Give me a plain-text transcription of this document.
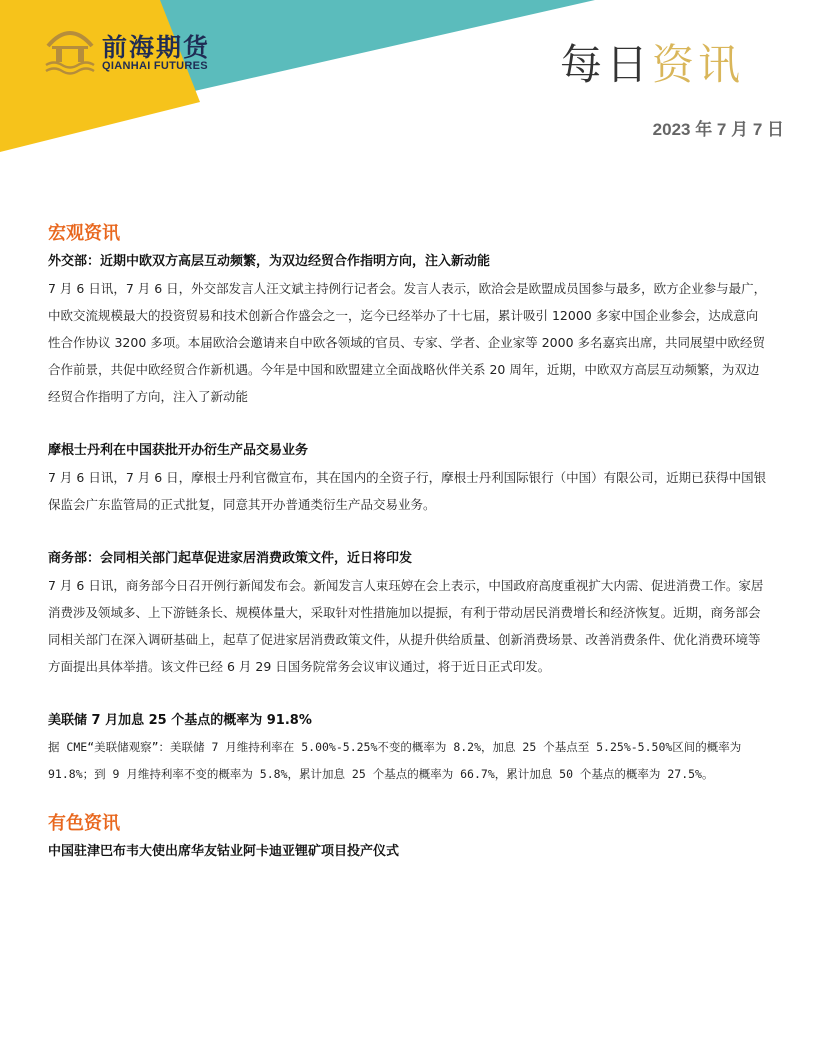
前海期货
QIANHAI FUTURES	每日资讯
2023 年 7 月 7 日
宏观资讯

外交部：近期中欧双方高层互动频繁，为双边经贸合作指明方向，注入新动能

7 月 6 日讯，7 月 6 日，外交部发言人汪文斌主持例行记者会。发言人表示，欧洽会是欧盟成员国参与最多，欧方企业参与最广，中欧交流规模最大的投资贸易和技术创新合作盛会之一，迄今已经举办了十七届，累计吸引 12000 多家中国企业参会，达成意向性合作协议 3200 多项。本届欧洽会邀请来自中欧各领域的官员、专家、学者、企业家等 2000 多名嘉宾出席，共同展望中欧经贸合作前景，共促中欧经贸合作新机遇。今年是中国和欧盟建立全面战略伙伴关系 20 周年，近期，中欧双方高层互动频繁，为双边经贸合作指明了方向，注入了新动能

摩根士丹利在中国获批开办衍生产品交易业务

7 月 6 日讯，7 月 6 日，摩根士丹利官微宣布，其在国内的全资子行，摩根士丹利国际银行（中国）有限公司，近期已获得中国银保监会广东监管局的正式批复，同意其开办普通类衍生产品交易业务。

商务部：会同相关部门起草促进家居消费政策文件，近日将印发

7 月 6 日讯，商务部今日召开例行新闻发布会。新闻发言人束珏婷在会上表示，中国政府高度重视扩大内需、促进消费工作。家居消费涉及领域多、上下游链条长、规模体量大，采取针对性措施加以提振，有利于带动居民消费增长和经济恢复。近期，商务部会同相关部门在深入调研基础上，起草了促进家居消费政策文件，从提升供给质量、创新消费场景、改善消费条件、优化消费环境等方面提出具体举措。该文件已经 6 月 29 日国务院常务会议审议通过，将于近日正式印发。

美联储 7 月加息 25 个基点的概率为 91.8%

据 CME“美联储观察”：美联储 7 月维持利率在 5.00%-5.25%不变的概率为 8.2%，加息 25 个基点至 5.25%-5.50%区间的概率为 91.8%；到 9 月维持利率不变的概率为 5.8%，累计加息 25 个基点的概率为 66.7%，累计加息 50 个基点的概率为 27.5%。

有色资讯

中国驻津巴布韦大使出席华友钴业阿卡迪亚锂矿项目投产仪式
